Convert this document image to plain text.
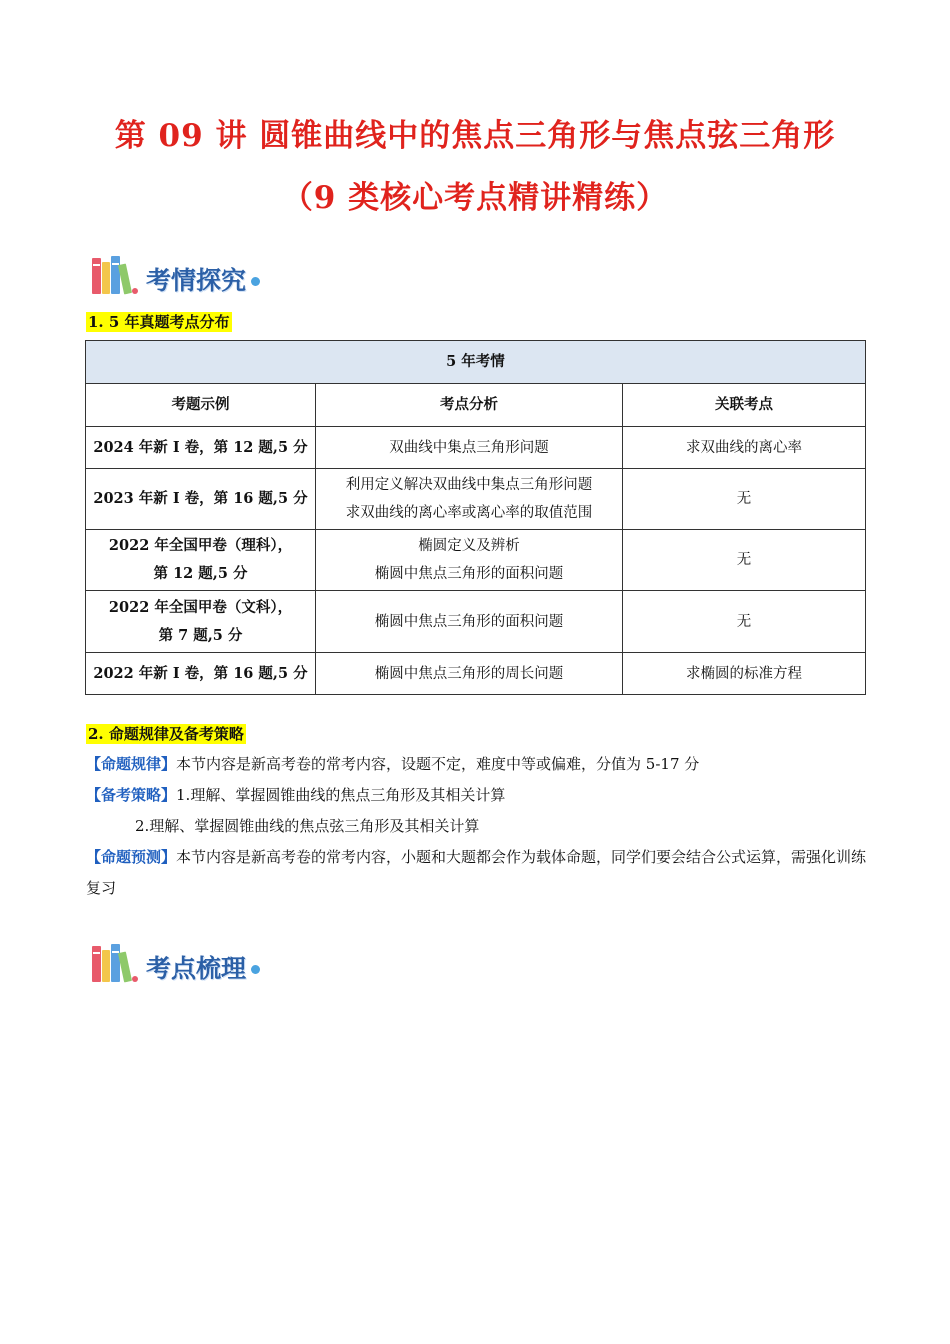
第 09 讲 圆锥曲线中的焦点三角形与焦点弦三角形
（9 类核心考点精讲精练）
考情探究
1. 5 年真题考点分布
5 年考情		
考题示例	考点分析	关联考点

2024 年新 I 卷，第 12 题,5 分	双曲线中集点三角形问题	求双曲线的离心率

2023 年新 I 卷，第 16 题,5 分	利用定义解决双曲线中集点三角形问题
求双曲线的离心率或离心率的取值范围	无

2022 年全国甲卷（理科），
第 12 题,5 分	椭圆定义及辨析
椭圆中焦点三角形的面积问题	无

2022 年全国甲卷（文科），
第 7 题,5 分	椭圆中焦点三角形的面积问题	无

2022 年新 I 卷，第 16 题,5 分	椭圆中焦点三角形的周长问题	求椭圆的标准方程
2. 命题规律及备考策略
【命题规律】本节内容是新高考卷的常考内容，设题不定，难度中等或偏难，分值为 5-17 分
【备考策略】1.理解、掌握圆锥曲线的焦点三角形及其相关计算
2.理解、掌握圆锥曲线的焦点弦三角形及其相关计算
【命题预测】本节内容是新高考卷的常考内容，小题和大题都会作为载体命题，同学们要会结合公式运算，需强化训练复习
考点梳理
